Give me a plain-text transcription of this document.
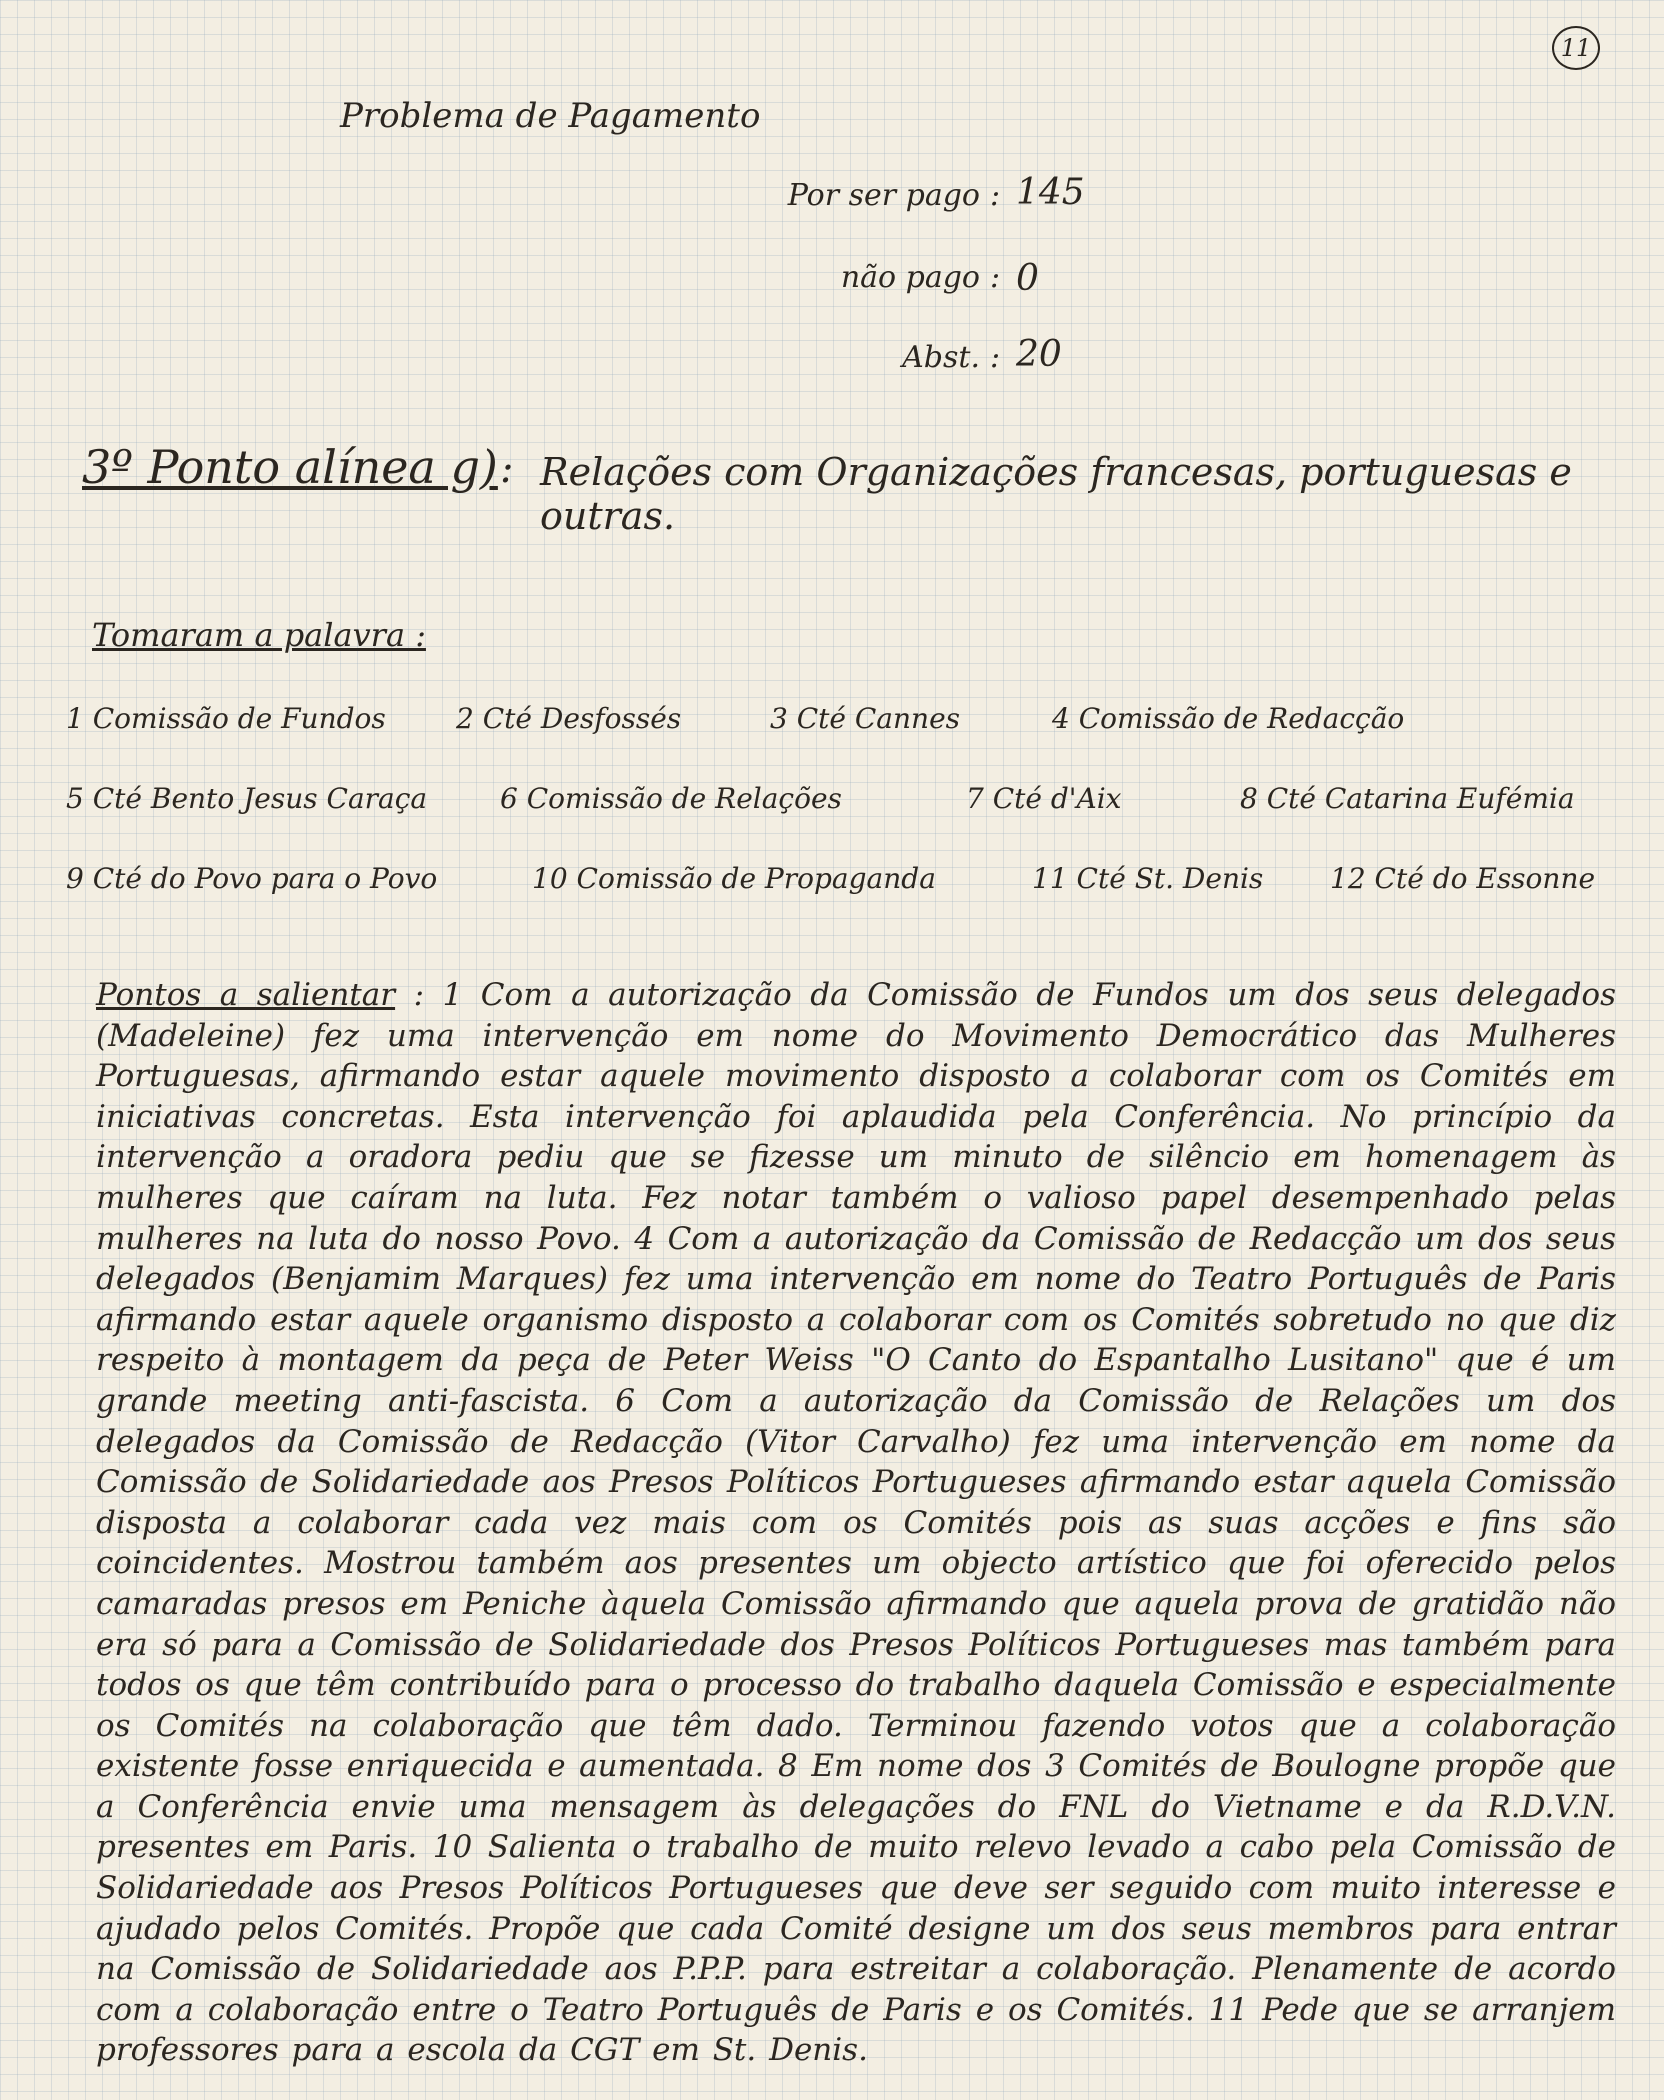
11
Problema de Pagamento
Por ser pago : 145
não pago : 0
Abst. : 20
3º Ponto alínea g) : Relações com Organizações francesas, portuguesas e outras.
Tomaram a palavra :
1 Comissão de Fundos	2 Cté Desfossés	3 Cté Cannes	4 Comissão de Redacção
5 Cté Bento Jesus Caraça	6 Comissão de Relações	7 Cté d'Aix	8 Cté Catarina Eufémia
9 Cté do Povo para o Povo	10 Comissão de Propaganda	11 Cté St. Denis 12 Cté do Essonne
Pontos a salientar : 1 Com a autorização da Comissão de Fundos um dos seus delegados (Madeleine) fez uma intervenção em nome do Movimento Democrático das Mulheres Portuguesas, afirmando estar aquele movimento disposto a colaborar com os Comités em iniciativas concretas. Esta intervenção foi aplaudida pela Conferência. No princípio da intervenção a oradora pediu que se fizesse um minuto de silêncio em homenagem às mulheres que caíram na luta. Fez notar também o valioso papel desempenhado pelas mulheres na luta do nosso Povo. 4 Com a autorização da Comissão de Redacção um dos seus delegados (Benjamim Marques) fez uma intervenção em nome do Teatro Português de Paris afirmando estar aquele organismo disposto a colaborar com os Comités sobretudo no que diz respeito à montagem da peça de Peter Weiss "O Canto do Espantalho Lusitano" que é um grande meeting anti-fascista. 6 Com a autorização da Comissão de Relações um dos delegados da Comissão de Redacção (Vitor Carvalho) fez uma intervenção em nome da Comissão de Solidariedade aos Presos Políticos Portugueses afirmando estar aquela Comissão disposta a colaborar cada vez mais com os Comités pois as suas acções e fins são coincidentes. Mostrou também aos presentes um objecto artístico que foi oferecido pelos camaradas presos em Peniche àquela Comissão afirmando que aquela prova de gratidão não era só para a Comissão de Solidariedade dos Presos Políticos Portugueses mas também para todos os que têm contribuído para o processo do trabalho daquela Comissão e especialmente os Comités na colaboração que têm dado. Terminou fazendo votos que a colaboração existente fosse enriquecida e aumentada. 8 Em nome dos 3 Comités de Boulogne propõe que a Conferência envie uma mensagem às delegações do FNL do Vietname e da R.D.V.N. presentes em Paris. 10 Salienta o trabalho de muito relevo levado a cabo pela Comissão de Solidariedade aos Presos Políticos Portugueses que deve ser seguido com muito interesse e ajudado pelos Comités. Propõe que cada Comité designe um dos seus membros para entrar na Comissão de Solidariedade aos P.P.P. para estreitar a colaboração. Plenamente de acordo com a colaboração entre o Teatro Português de Paris e os Comités. 11 Pede que se arranjem professores para a escola da CGT em St. Denis.
